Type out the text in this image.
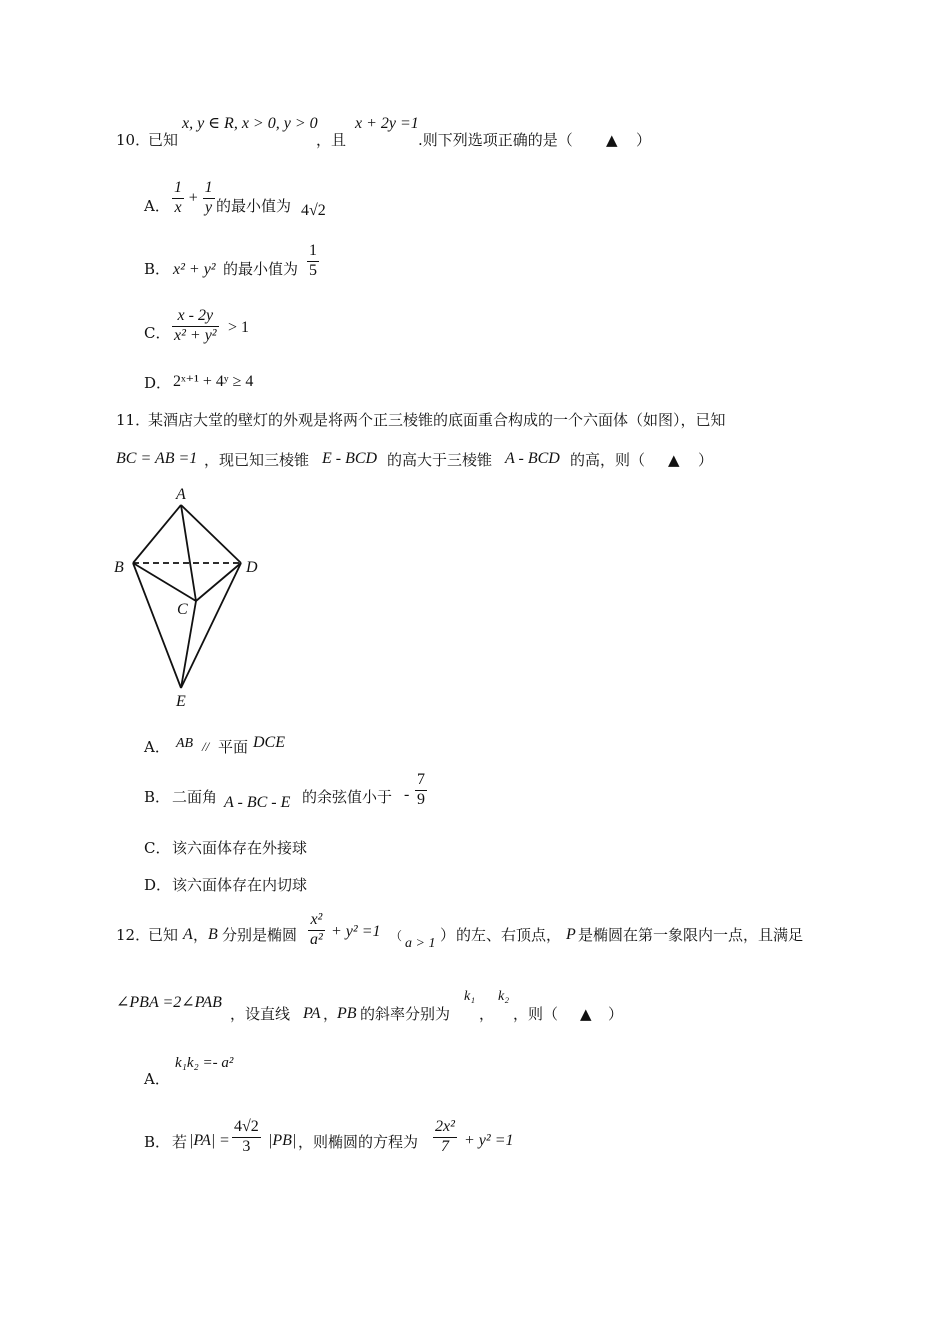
10．
已知
x, y ∈ R, x > 0, y > 0
，且
x + 2y =1
.则下列选项正确的是（ ▲ ）
A． $\frac{1}{x} + \frac{1}{y}$ 的最小值为 4√2
B． x² + y² 的最小值为 $\frac{1}{5}$
C． $\frac{x - 2y}{\text{x² + y²}} > 1$
D． 2ˣ⁺¹ + 4ʸ ≥ 4
11．
某酒店大堂的壁灯的外观是将两个正三棱锥的底面重合构成的一个六面体（如图），已知
BC = AB =1 ，现已知三棱锥 E - BCD 的高大于三棱锥 A - BCD 的高，则（ ▲ ）
A
B
C
D
E
A． AB // 平面 DCE
B． 二面角 A - BC - E 的余弦值小于 - $\frac{7}{9}$
C． 该六面体存在外接球
D． 该六面体存在内切球
12．
已知 A ， B 分别是椭圆 $\frac{\text{x²}}{\text{a²}} + y^2 =1$ （ a > 1 ） 的左、右顶点， P 是椭圆在第一象限内一点，且满足
∠PBA =2∠PAB
，设直线 PA ，
PB 的斜率分别为
k₁
，
k₂
，则（ ▲ ）
A．
k₁k₂ =- a²
B． 若 $|PA| = \frac{4√2}{3} |PB|$ ，则椭圆的方程为 $\frac{\text{2x²}}{7} + y^2 =1$
